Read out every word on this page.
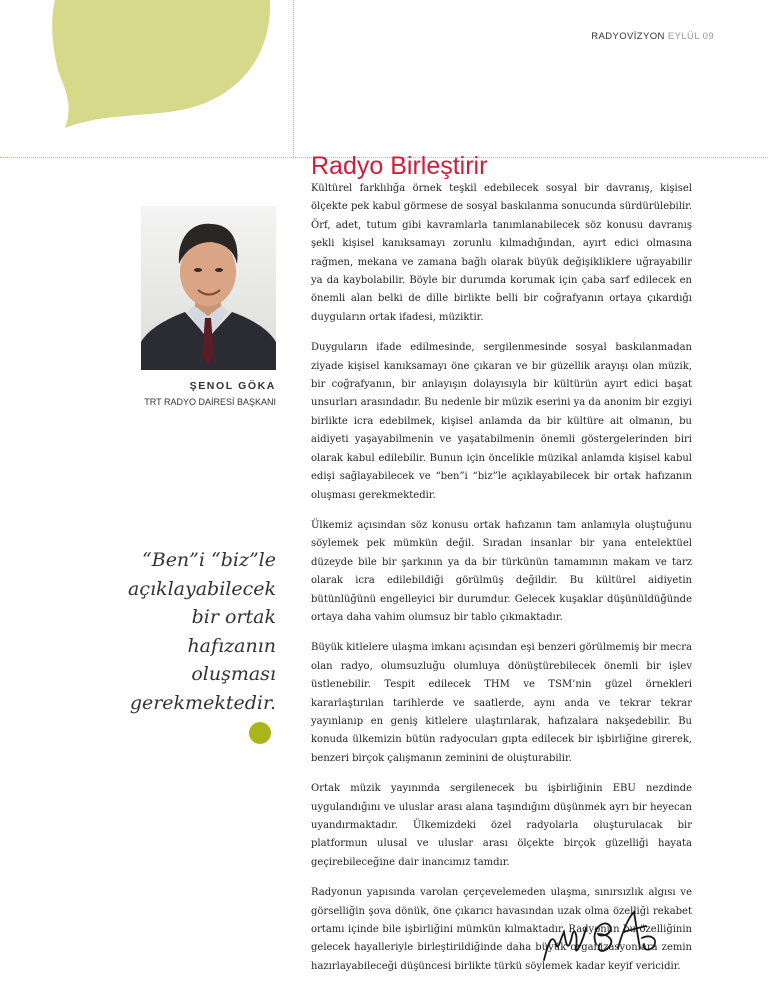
RADYOVİZYON EYLÜL 09
Radyo Birleştirir
ŞENOL GÖKA
TRT RADYO DAİRESİ BAŞKANI
“Ben”i “biz”le
açıklayabilecek
bir ortak
hafızanın
oluşması
gerekmektedir.

Kültürel farklılığa örnek teşkil edebilecek sosyal bir davranış, kişisel ölçekte pek kabul görmese de sosyal baskılanma sonucunda sürdürülebilir. Örf, adet, tutum gibi kavramlarla tanımlanabilecek söz konusu davranış şekli kişisel kanıksamayı zorunlu kılmadığından, ayırt edici olmasına rağmen, mekana ve zamana bağlı olarak büyük değişikliklere uğrayabilir ya da kaybolabilir. Böyle bir durumda korumak için çaba sarf edilecek en önemli alan belki de dille birlikte belli bir coğrafyanın ortaya çıkardığı duyguların ortak ifadesi, müziktir.

Duyguların ifade edilmesinde, sergilenmesinde sosyal baskılanmadan ziyade kişisel kanıksamayı öne çıkaran ve bir güzellik arayışı olan müzik, bir coğrafyanın, bir anlayışın dolayısıyla bir kültürün ayırt edici başat unsurları arasındadır. Bu nedenle bir müzik eserini ya da anonim bir ezgiyi birlikte icra edebilmek, kişisel anlamda da bir kültüre ait olmanın, bu aidiyeti yaşayabilmenin ve yaşatabilmenin önemli göstergelerinden biri olarak kabul edilebilir. Bunun için öncelikle müzikal anlamda kişisel kabul edişi sağlayabilecek ve “ben”i “biz”le açıklayabilecek bir ortak hafızanın oluşması gerekmektedir.

Ülkemiz açısından söz konusu ortak hafızanın tam anlamıyla oluştuğunu söylemek pek mümkün değil. Sıradan insanlar bir yana entelektüel düzeyde bile bir şarkının ya da bir türkünün tamamının makam ve tarz olarak icra edilebildiği görülmüş değildir. Bu kültürel aidiyetin bütünlüğünü engelleyici bir durumdur. Gelecek kuşaklar düşünüldüğünde ortaya daha vahim olumsuz bir tablo çıkmaktadır.

Büyük kitlelere ulaşma imkanı açısından eşi benzeri görülmemiş bir mecra olan radyo, olumsuzluğu olumluya dönüştürebilecek önemli bir işlev üstlenebilir. Tespit edilecek THM ve TSM’nin güzel örnekleri kararlaştırılan tarihlerde ve saatlerde, aynı anda ve tekrar tekrar yayınlanıp en geniş kitlelere ulaştırılarak, hafızalara nakşedebilir. Bu konuda ülkemizin bütün radyocuları gıpta edilecek bir işbirliğine girerek, benzeri birçok çalışmanın zeminini de oluşturabilir.

Ortak müzik yayınında sergilenecek bu işbirliğinin EBU nezdinde uygulandığını ve uluslar arası alana taşındığını düşünmek ayrı bir heyecan uyandırmaktadır. Ülkemizdeki özel radyolarla oluşturulacak bir platformun ulusal ve uluslar arası ölçekte birçok güzelliği hayata geçirebileceğine dair inancımız tamdır.

Radyonun yapısında varolan çerçevelemeden ulaşma, sınırsızlık algısı ve görselliğin şova dönük, öne çıkarıcı havasından uzak olma özelliği rekabet ortamı içinde bile işbirliğini mümkün kılmaktadır. Radyonun bu özelliğinin gelecek hayalleriyle birleştirildiğinde daha büyük organizasyonlara zemin hazırlayabileceği düşüncesi birlikte türkü söylemek kadar keyif vericidir.
